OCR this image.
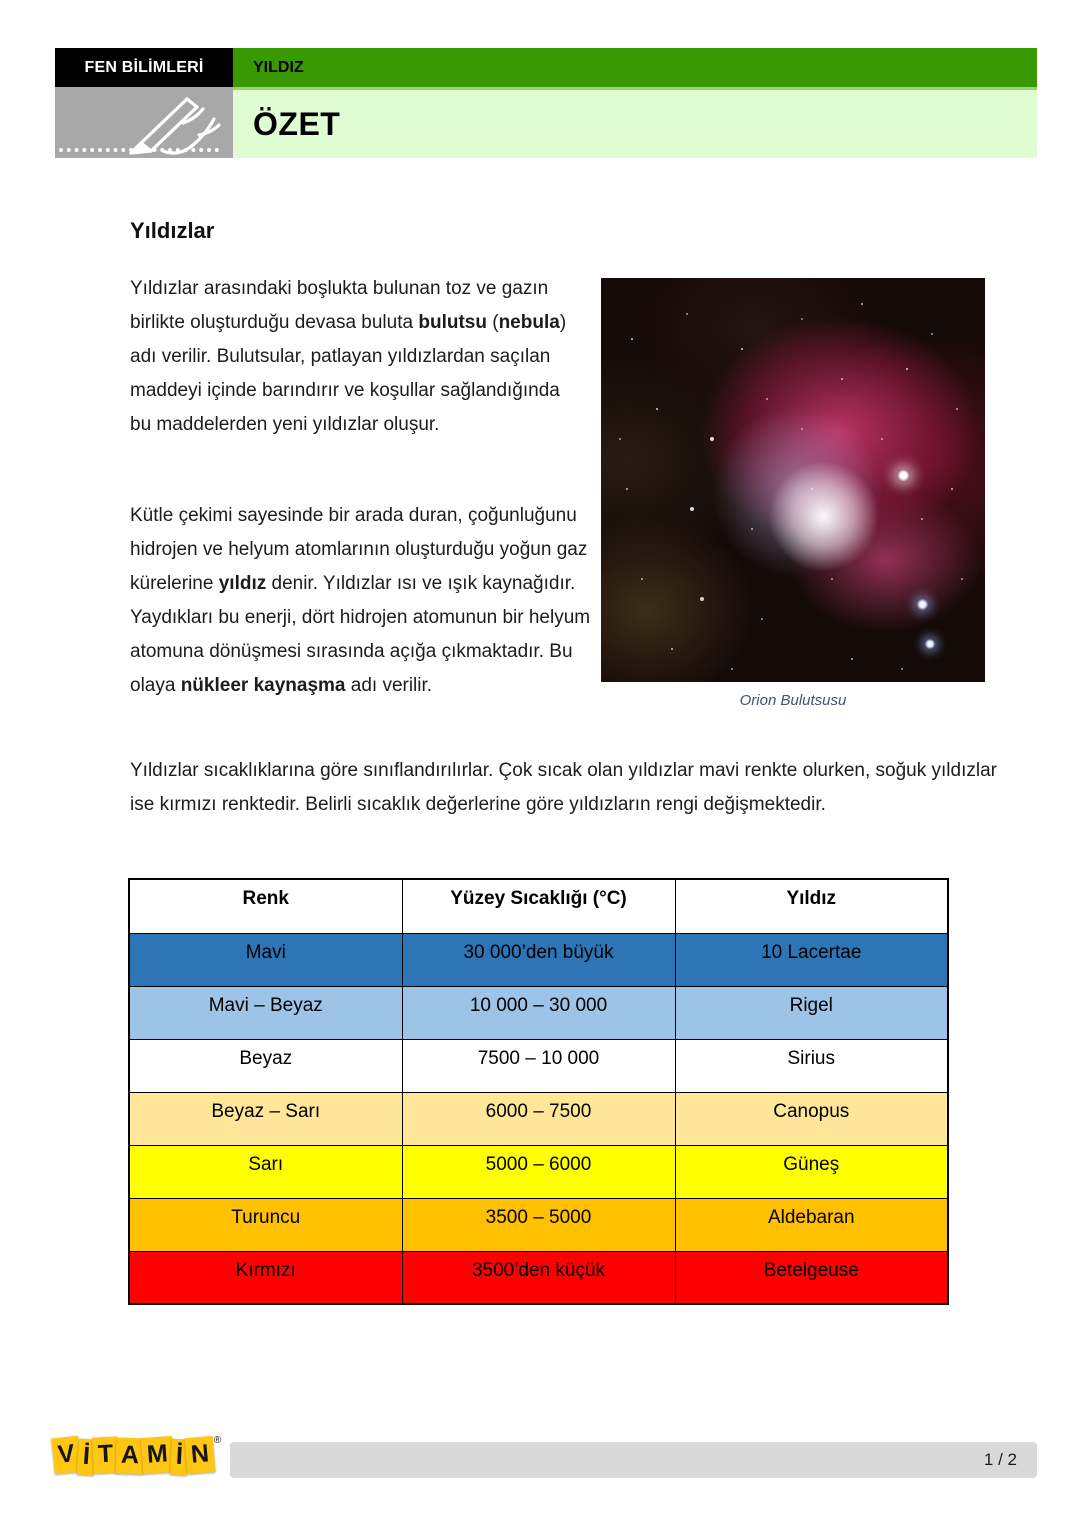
FEN BİLİMLERİ	YILDIZ
ÖZET
Yıldızlar
Yıldızlar arasındaki boşlukta bulunan toz ve gazın birlikte oluşturduğu devasa buluta bulutsu (nebula) adı verilir. Bulutsular, patlayan yıldızlardan saçılan maddeyi içinde barındırır ve koşullar sağlandığında bu maddelerden yeni yıldızlar oluşur.
Kütle çekimi sayesinde bir arada duran, çoğunluğunu hidrojen ve helyum atomlarının oluşturduğu yoğun gaz kürelerine yıldız denir. Yıldızlar ısı ve ışık kaynağıdır. Yaydıkları bu enerji, dört hidrojen atomunun bir helyum atomuna dönüşmesi sırasında açığa çıkmaktadır. Bu olaya nükleer kaynaşma adı verilir.
Yıldızlar sıcaklıklarına göre sınıflandırılırlar. Çok sıcak olan yıldızlar mavi renkte olurken, soğuk yıldızlar ise kırmızı renktedir. Belirli sıcaklık değerlerine göre yıldızların rengi değişmektedir.
Orion Bulutsusu
Renk	Yüzey Sıcaklığı (°C)	Yıldız
Mavi	30 000’den büyük	10 Lacertae
Mavi – Beyaz	10 000 – 30 000	Rigel
Beyaz	7500 – 10 000	Sirius
Beyaz – Sarı	6000 – 7500	Canopus
Sarı	5000 – 6000	Güneş
Turuncu	3500 – 5000	Aldebaran
Kırmızı	3500’den küçük	Betelgeuse
V İ T A M İ N ®
1 / 2
